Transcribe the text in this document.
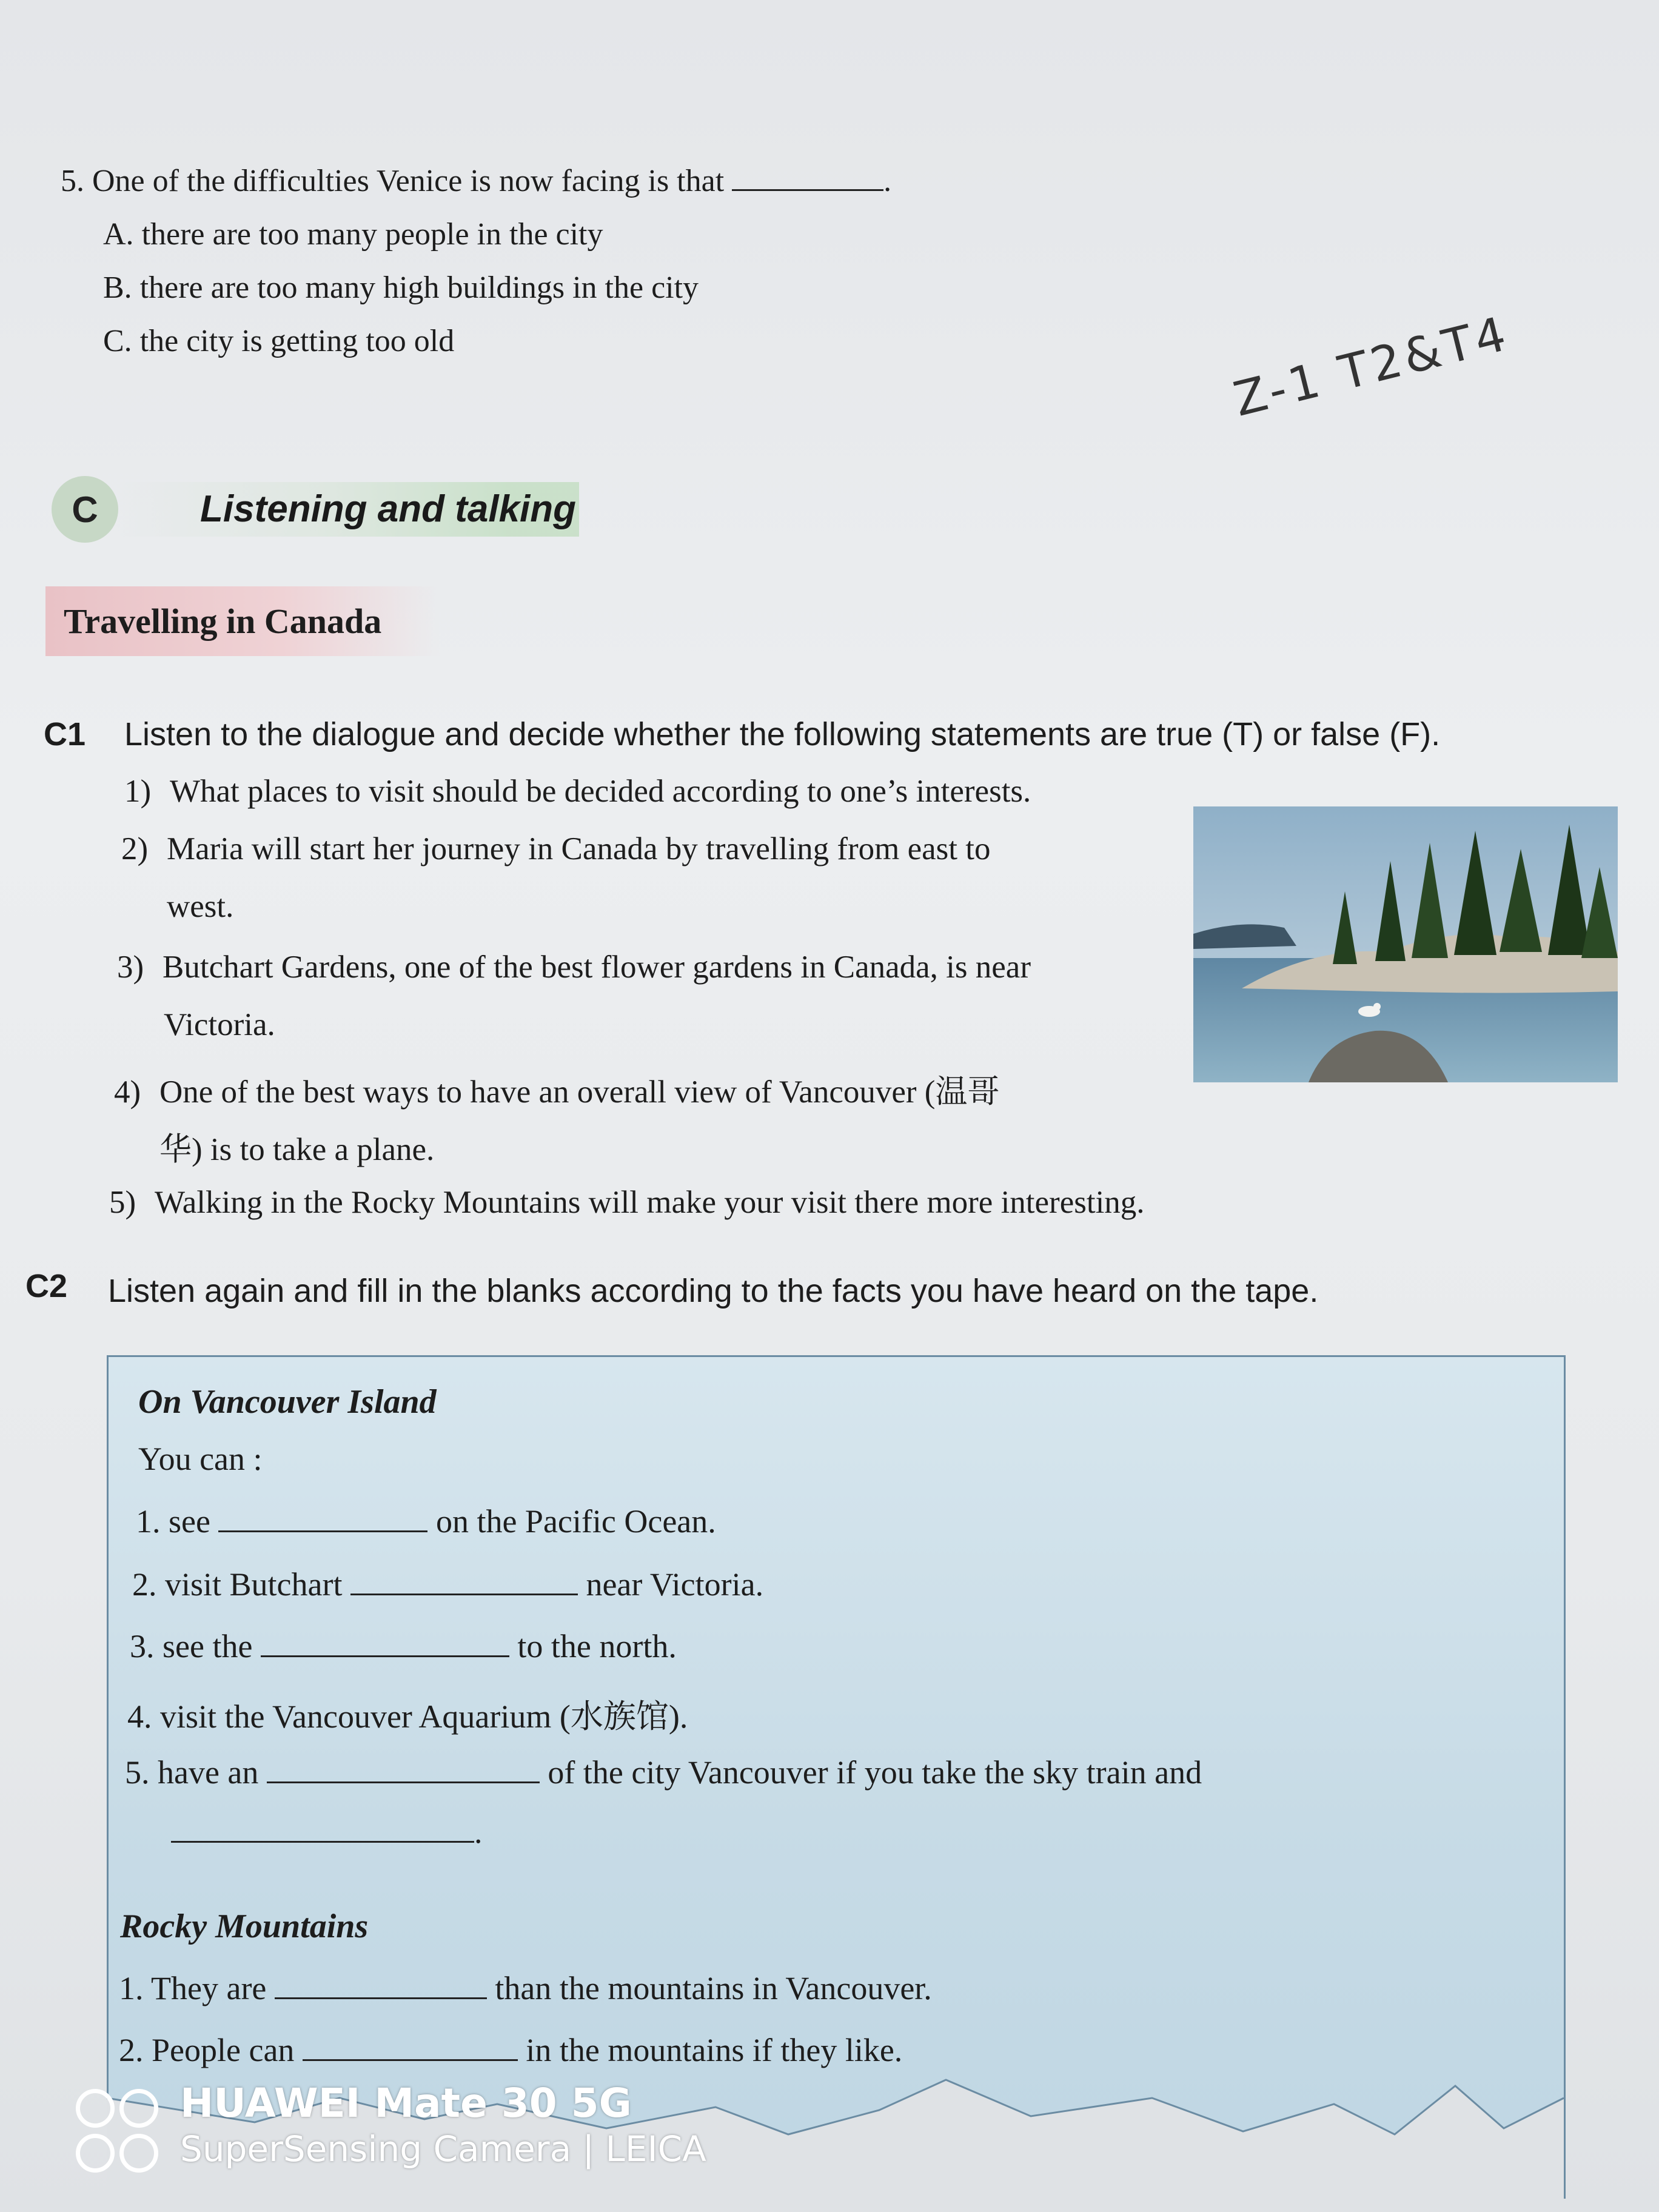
5. One of the difficulties Venice is now facing is that	.
A. there are too many people in the city
B. there are too many high buildings in the city
C. the city is getting too old	Z-1 T2&T4
Listening and talking
C
Travelling in Canada
C1 Listen to the dialogue and decide whether the following statements are true (T) or false (F).
1) What places to visit should be decided according to one’s interests.
2) Maria will start her journey in Canada by travelling from east to
west.
3) Butchart Gardens, one of the best flower gardens in Canada, is near
Victoria.
4) One of the best ways to have an overall view of Vancouver (温哥
华) is to take a plane.
5) Walking in the Rocky Mountains will make your visit there more interesting.
C2 Listen again and fill in the blanks according to the facts you have heard on the tape.
On Vancouver Island
You can :
1. see	on the Pacific Ocean.
2. visit Butchart	near Victoria.
3. see the	to the north.
4. visit the Vancouver Aquarium (水族馆).
5. have an	of the city Vancouver if you take the sky train and
.
Rocky Mountains
1. They are	than the mountains in Vancouver.
2. People can	in the mountains if they like.
HUAWEI Mate 30 5G
SuperSensing Camera | LEICA
